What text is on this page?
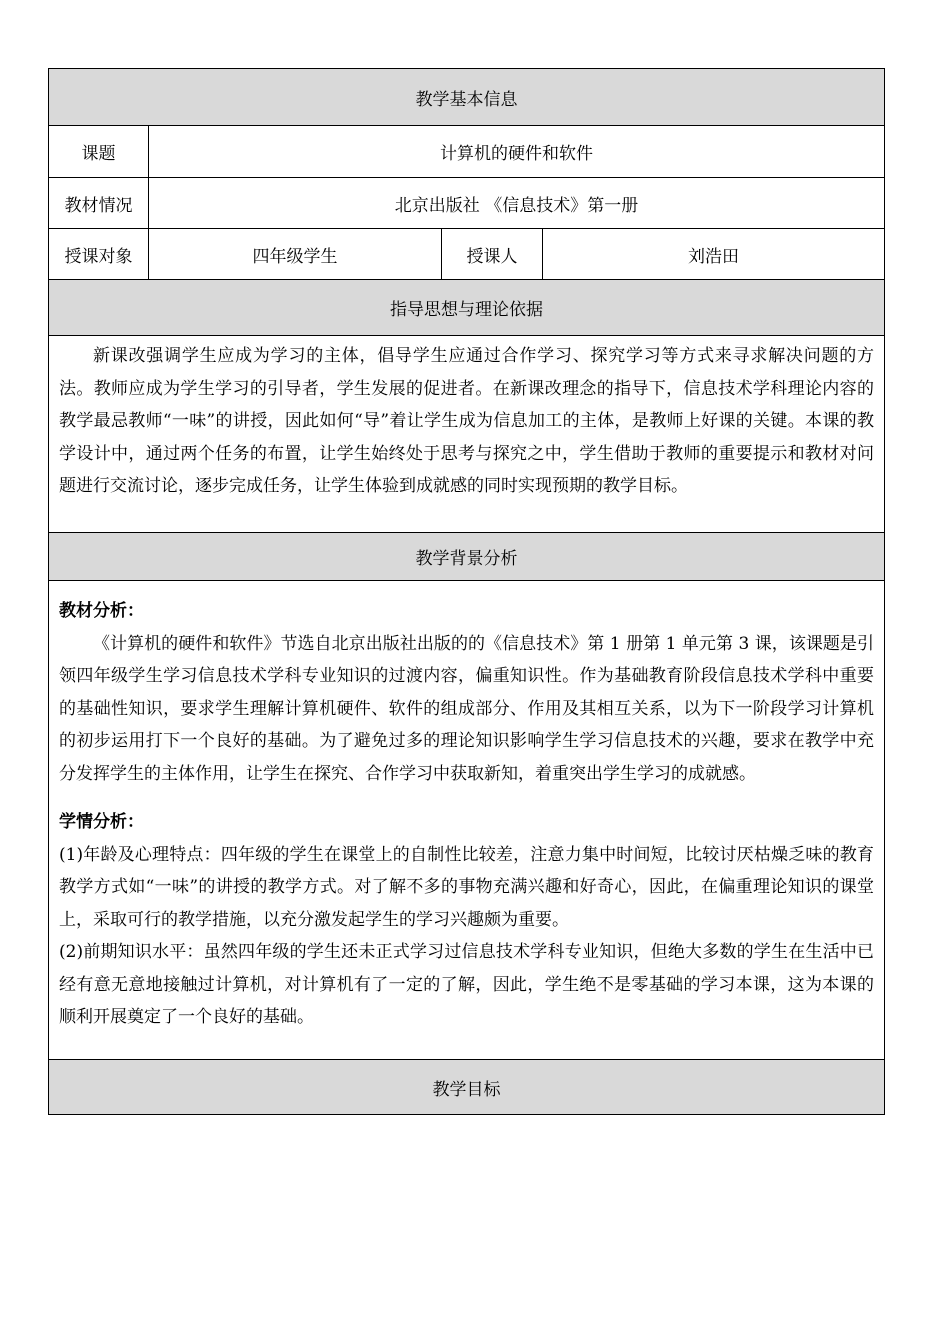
教学基本信息			
课题	计算机的硬件和软件		
教材情况	北京出版社 《信息技术》第一册		
授课对象	四年级学生	授课人	刘浩田
指导思想与理论依据			

新课改强调学生应成为学习的主体，倡导学生应通过合作学习、探究学习等方式来寻求解决问题的方法。教师应成为学生学习的引导者，学生发展的促进者。在新课改理念的指导下，信息技术学科理论内容的教学最忌教师“一味”的讲授，因此如何“导”着让学生成为信息加工的主体，是教师上好课的关键。本课的教学设计中，通过两个任务的布置，让学生始终处于思考与探究之中，学生借助于教师的重要提示和教材对问题进行交流讨论，逐步完成任务，让学生体验到成就感的同时实现预期的教学目标。			

教学背景分析			

教材分析：

《计算机的硬件和软件》节选自北京出版社出版的的《信息技术》第 1 册第 1 单元第 3 课，该课题是引领四年级学生学习信息技术学科专业知识的过渡内容，偏重知识性。作为基础教育阶段信息技术学科中重要的基础性知识，要求学生理解计算机硬件、软件的组成部分、作用及其相互关系，以为下一阶段学习计算机的初步运用打下一个良好的基础。为了避免过多的理论知识影响学生学习信息技术的兴趣，要求在教学中充分发挥学生的主体作用，让学生在探究、合作学习中获取新知，着重突出学生学习的成就感。

学情分析：

(1)年龄及心理特点：四年级的学生在课堂上的自制性比较差，注意力集中时间短，比较讨厌枯燥乏味的教育教学方式如“一味”的讲授的教学方式。对了解不多的事物充满兴趣和好奇心，因此，在偏重理论知识的课堂上，采取可行的教学措施，以充分激发起学生的学习兴趣颇为重要。

(2)前期知识水平：虽然四年级的学生还未正式学习过信息技术学科专业知识，但绝大多数的学生在生活中已经有意无意地接触过计算机，对计算机有了一定的了解，因此，学生绝不是零基础的学习本课，这为本课的顺利开展奠定了一个良好的基础。			

教学目标			
